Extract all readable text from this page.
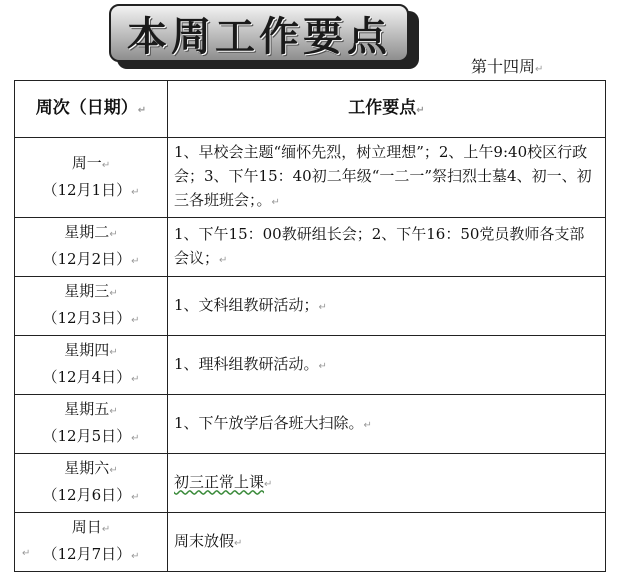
本周工作要点
第十四周↵
周次（日期）↵	工作要点↵

周一↵
（12月1日）↵	1、早校会主题“缅怀先烈，树立理想”；2、上午9:40校区行政会；3、下午15：40初二年级“一二一”祭扫烈士墓4、初一、初三各班班会；。↵

星期二↵
（12月2日）↵	1、下午15：00教研组长会；2、下午16：50党员教师各支部会议；↵

星期三↵
（12月3日）↵	1、文科组教研活动；↵

星期四↵
（12月4日）↵	1、理科组教研活动。↵

星期五↵
（12月5日）↵	1、下午放学后各班大扫除。↵

星期六↵
（12月6日）↵	初三正常上课↵

周日↵
（12月7日）↵	周末放假↵
↵
